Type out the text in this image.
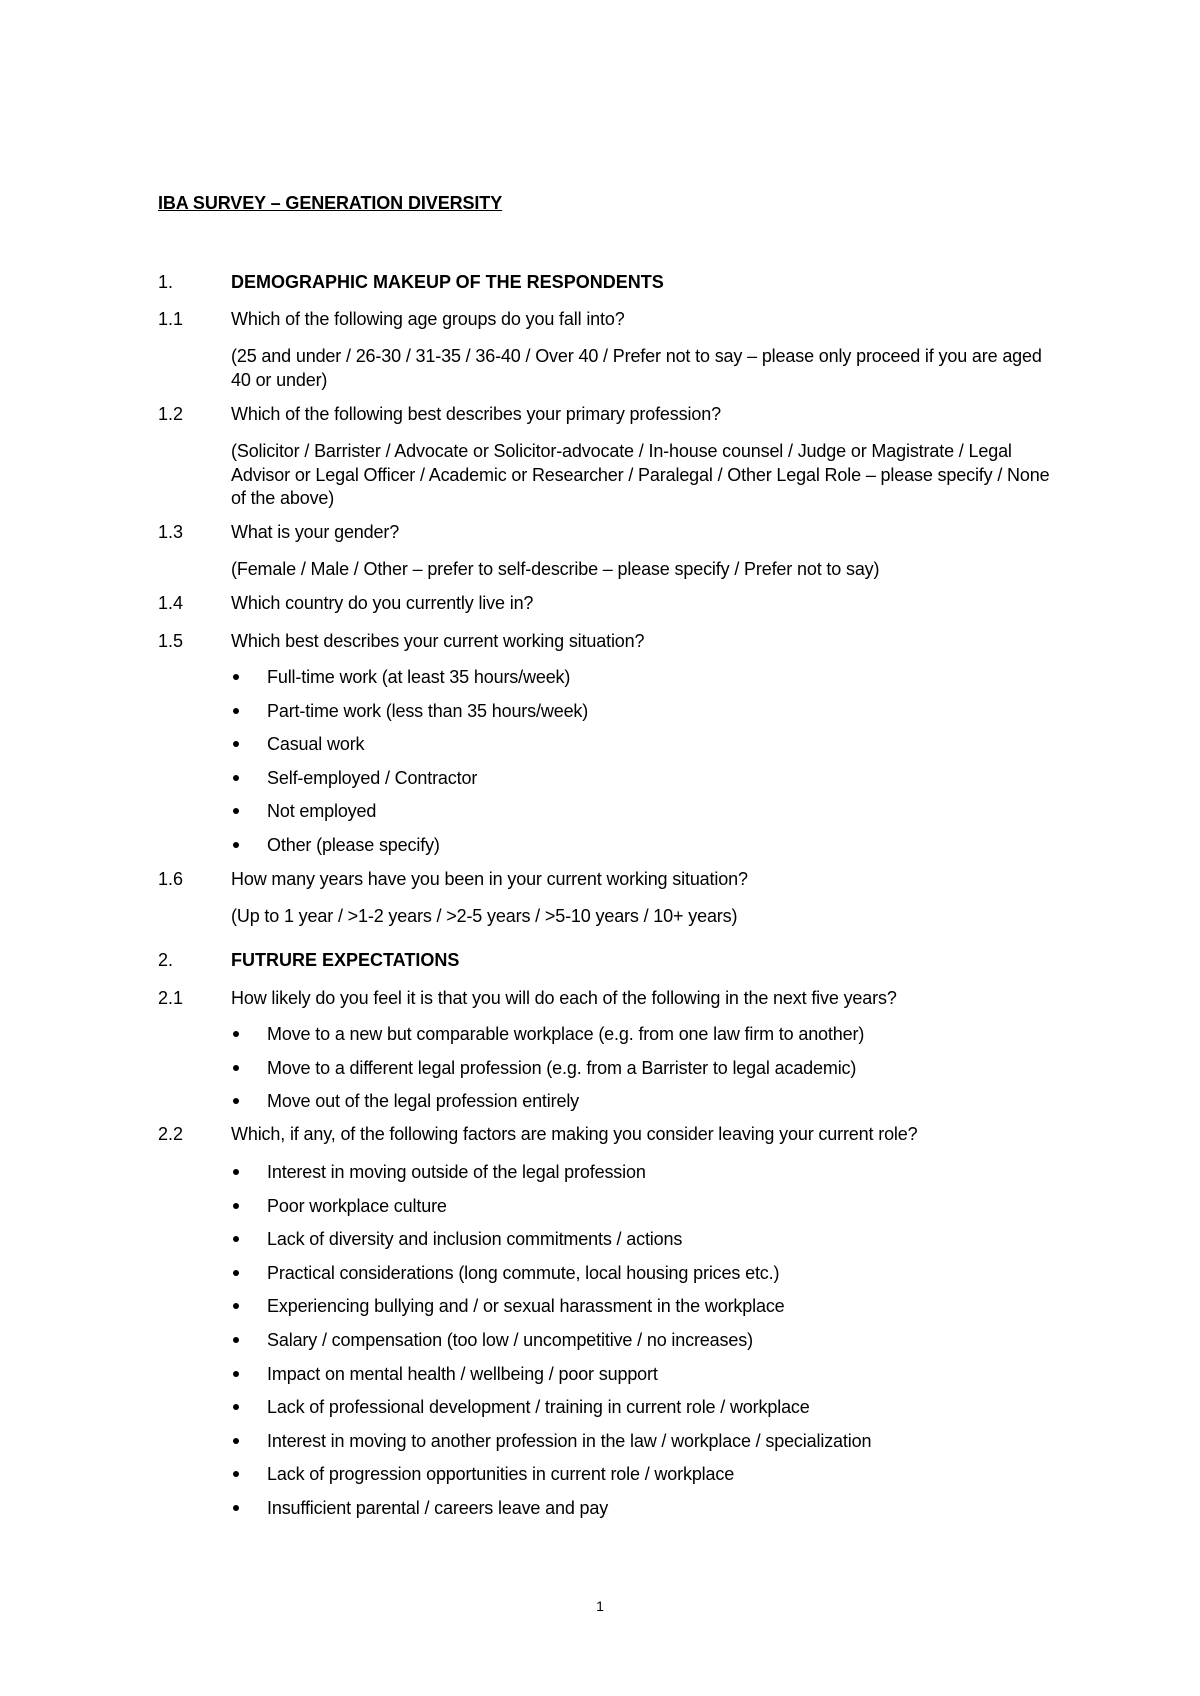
IBA SURVEY – GENERATION DIVERSITY
1.	DEMOGRAPHIC MAKEUP OF THE RESPONDENTS
1.1	Which of the following age groups do you fall into?
(25 and under / 26-30 / 31-35 / 36-40 / Over 40 / Prefer not to say – please only proceed if you are aged 40 or under)
1.2	Which of the following best describes your primary profession?
(Solicitor / Barrister / Advocate or Solicitor-advocate / In-house counsel / Judge or Magistrate / Legal Advisor or Legal Officer / Academic or Researcher / Paralegal / Other Legal Role – please specify / None of the above)
1.3	What is your gender?
(Female / Male / Other – prefer to self-describe – please specify / Prefer not to say)
1.4	Which country do you currently live in?
1.5	Which best describes your current working situation?
Full-time work (at least 35 hours/week)
Part-time work (less than 35 hours/week)
Casual work
Self-employed / Contractor
Not employed
Other (please specify)
1.6	How many years have you been in your current working situation?
(Up to 1 year / >1-2 years / >2-5 years / >5-10 years / 10+ years)
2.	FUTRURE EXPECTATIONS
2.1	How likely do you feel it is that you will do each of the following in the next five years?
Move to a new but comparable workplace (e.g. from one law firm to another)
Move to a different legal profession (e.g. from a Barrister to legal academic)
Move out of the legal profession entirely
2.2	Which, if any, of the following factors are making you consider leaving your current role?
Interest in moving outside of the legal profession
Poor workplace culture
Lack of diversity and inclusion commitments / actions
Practical considerations (long commute, local housing prices etc.)
Experiencing bullying and / or sexual harassment in the workplace
Salary / compensation (too low / uncompetitive / no increases)
Impact on mental health / wellbeing / poor support
Lack of professional development / training in current role / workplace
Interest in moving to another profession in the law / workplace / specialization
Lack of progression opportunities in current role / workplace
Insufficient parental / careers leave and pay
1
